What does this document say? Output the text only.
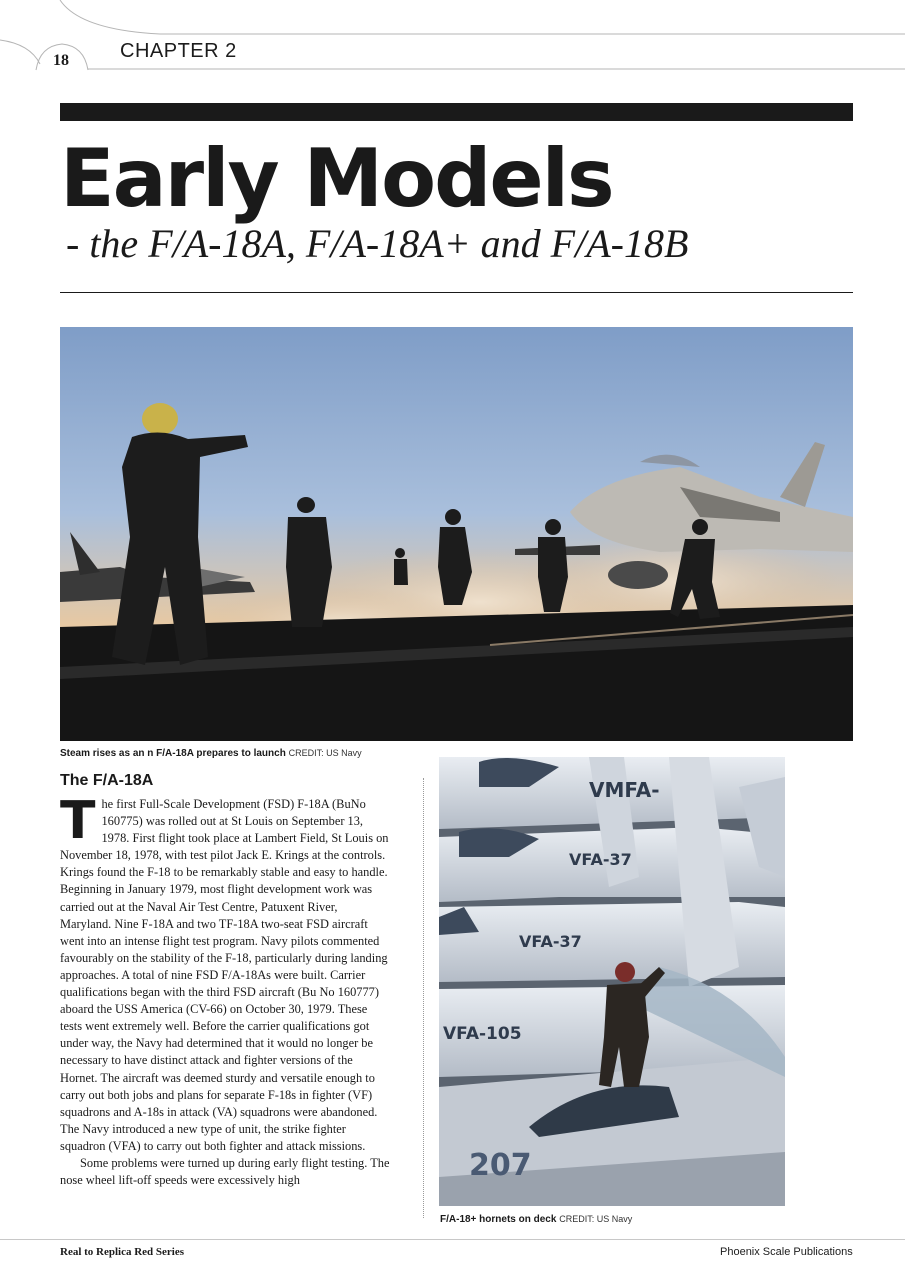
18	CHAPTER 2
Early Models
- the F/A-18A, F/A-18A+ and F/A-18B
Steam rises as an n F/A-18A prepares to launch CREDIT: US Navy
The F/A-18A

The first Full-Scale Development (FSD) F-18A (BuNo 160775) was rolled out at St Louis on September 13, 1978. First flight took place at Lambert Field, St Louis on November 18, 1978, with test pilot Jack E. Krings at the controls. Krings found the F-18 to be remarkably stable and easy to handle. Beginning in January 1979, most flight development work was carried out at the Naval Air Test Centre, Patuxent River, Maryland. Nine F-18A and two TF-18A two-seat FSD aircraft went into an intense flight test program. Navy pilots commented favourably on the stability of the F-18, particularly during landing approaches. A total of nine FSD F/A-18As were built. Carrier qualifications began with the third FSD aircraft (Bu No 160777) aboard the USS America (CV-66) on October 30, 1979. These tests went extremely well. Before the carrier qualifications got under way, the Navy had determined that it would no longer be necessary to have distinct attack and fighter versions of the Hornet. The aircraft was deemed sturdy and versatile enough to carry out both jobs and plans for separate F-18s in fighter (VF) squadrons and A-18s in attack (VA) squadrons were abandoned. The Navy introduced a new type of unit, the strike fighter squadron (VFA) to carry out both fighter and attack missions.

Some problems were turned up during early flight testing. The nose wheel lift-off speeds were excessively high

VMFA-
VFA-37
VFA-37
VFA-105
207
F/A-18+ hornets on deck CREDIT: US Navy
Real to Replica Red Series	Phoenix Scale Publications
